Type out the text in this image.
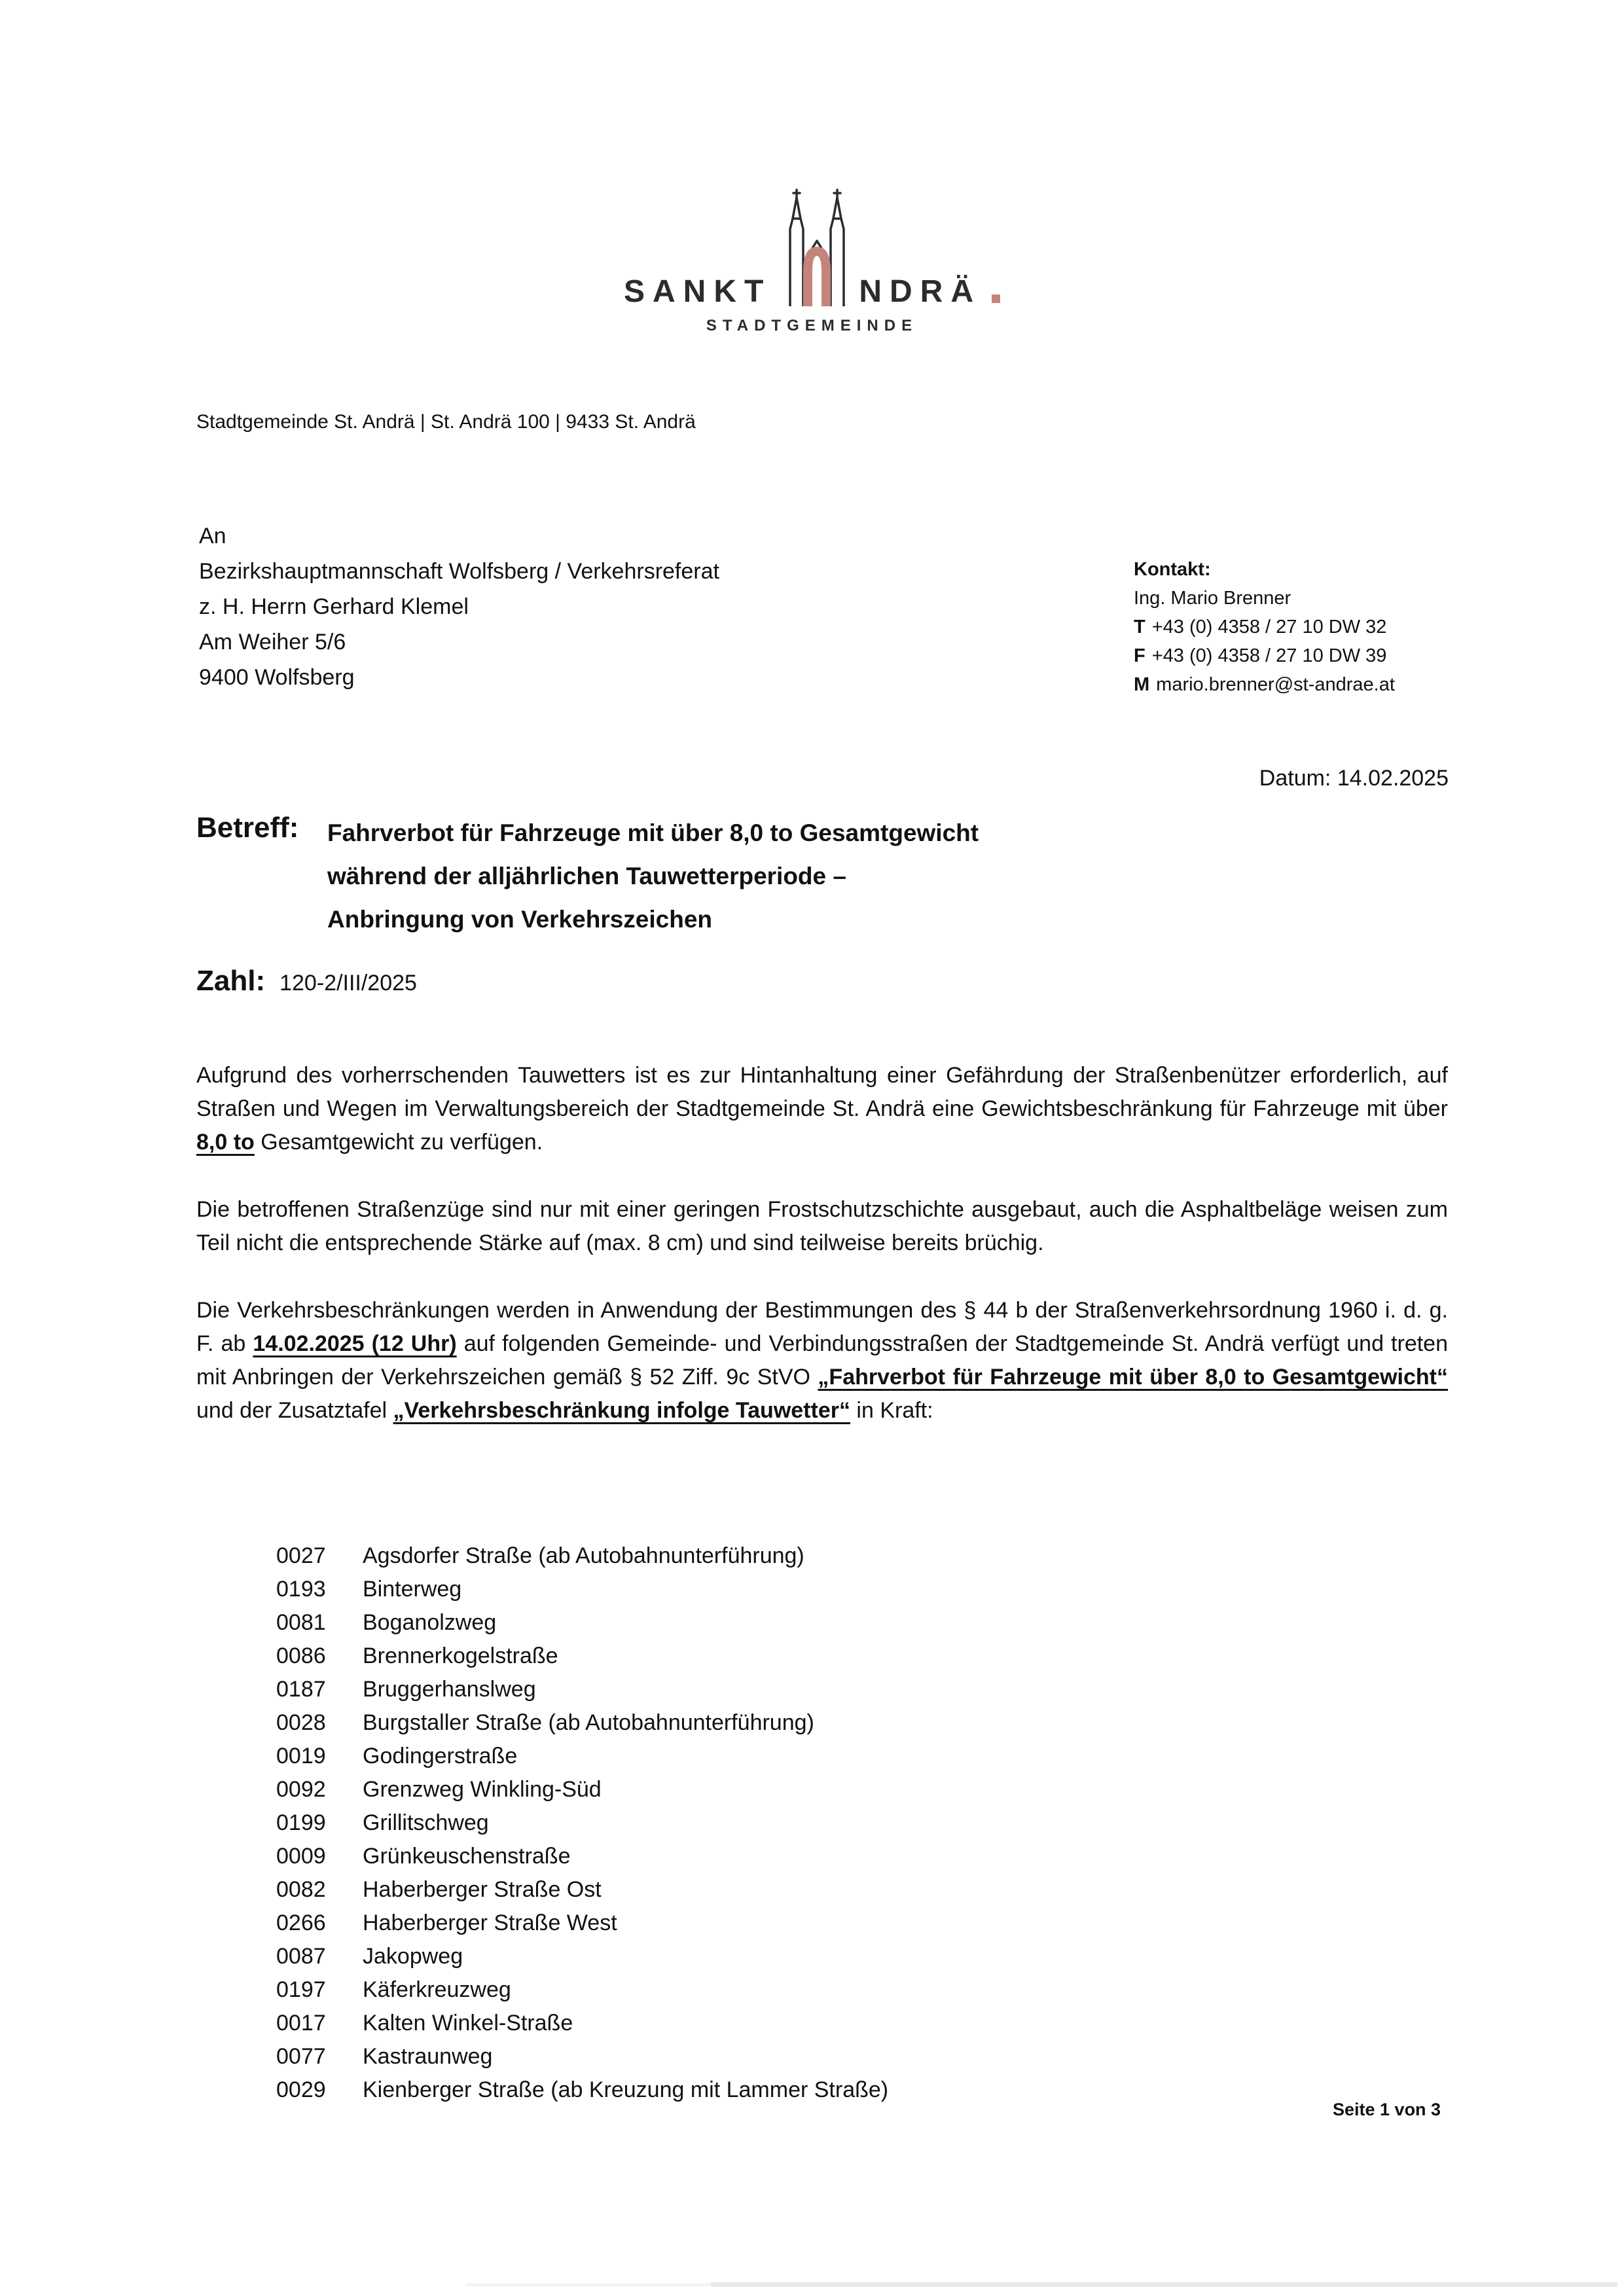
SANKT	NDRÄ
STADTGEMEINDE
Stadtgemeinde St. Andrä | St. Andrä 100 | 9433 St. Andrä
An
Bezirkshauptmannschaft Wolfsberg / Verkehrsreferat
z. H. Herrn Gerhard Klemel
Am Weiher 5/6
9400 Wolfsberg
Kontakt:
Ing. Mario Brenner
T +43 (0) 4358 / 27 10 DW 32
F +43 (0) 4358 / 27 10 DW 39
M mario.brenner@st-andrae.at
Datum: 14.02.2025
Betreff:	Fahrverbot für Fahrzeuge mit über 8,0 to Gesamtgewicht
während der alljährlichen Tauwetterperiode –
Anbringung von Verkehrszeichen
Zahl: 120-2/III/2025

Aufgrund des vorherrschenden Tauwetters ist es zur Hintanhaltung einer Gefährdung der Straßenbenützer erforderlich, auf Straßen und Wegen im Verwaltungsbereich der Stadtgemeinde St. Andrä eine Gewichtsbeschränkung für Fahrzeuge mit über 8,0 to Gesamtgewicht zu verfügen.

Die betroffenen Straßenzüge sind nur mit einer geringen Frostschutzschichte ausgebaut, auch die Asphaltbeläge weisen zum Teil nicht die entsprechende Stärke auf (max. 8 cm) und sind teilweise bereits brüchig.

Die Verkehrsbeschränkungen werden in Anwendung der Bestimmungen des § 44 b der Straßenverkehrsordnung 1960 i. d. g. F. ab 14.02.2025 (12 Uhr) auf folgenden Gemeinde- und Verbindungsstraßen der Stadtgemeinde St. Andrä verfügt und treten mit Anbringen der Verkehrszeichen gemäß § 52 Ziff. 9c StVO „Fahrverbot für Fahrzeuge mit über 8,0 to Gesamtgewicht“ und der Zusatztafel „Verkehrsbeschränkung infolge Tauwetter“ in Kraft:

0027	Agsdorfer Straße (ab Autobahnunterführung)
0193	Binterweg
0081	Boganolzweg
0086	Brennerkogelstraße
0187	Bruggerhanslweg
0028	Burgstaller Straße (ab Autobahnunterführung)
0019	Godingerstraße
0092	Grenzweg Winkling-Süd
0199	Grillitschweg
0009	Grünkeuschenstraße
0082	Haberberger Straße Ost
0266	Haberberger Straße West
0087	Jakopweg
0197	Käferkreuzweg
0017	Kalten Winkel-Straße
0077	Kastraunweg
0029	Kienberger Straße (ab Kreuzung mit Lammer Straße)
Seite 1 von 3
